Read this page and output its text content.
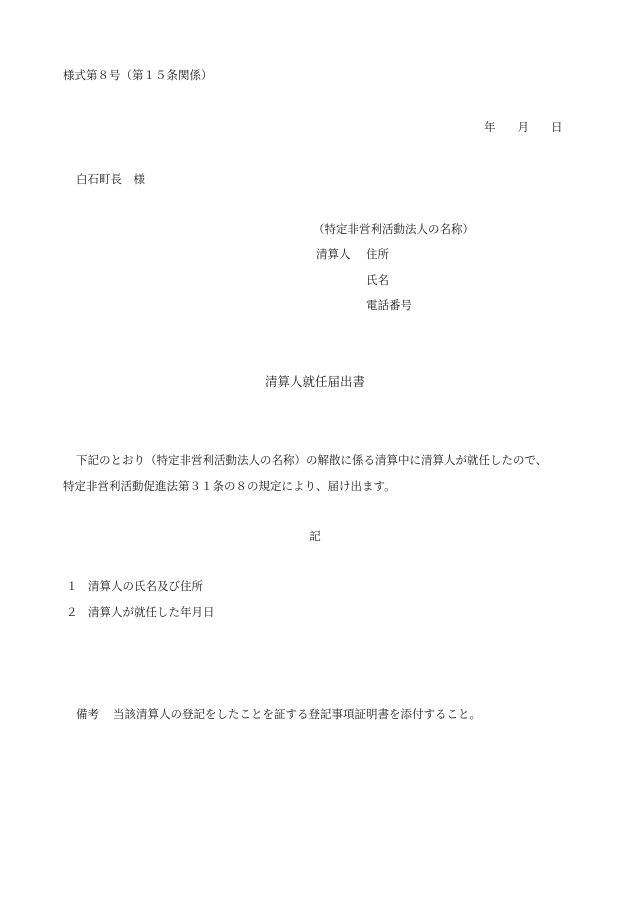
様式第８号（第１５条関係）
年 月 日
白石町長　様
（特定非営利活動法人の名称）
清算人 住所
氏名
電話番号
清算人就任届出書
下記のとおり（特定非営利活動法人の名称）の解散に係る清算中に清算人が就任したので、
特定非営利活動促進法第３１条の８の規定により、届け出ます。
記
１ 清算人の氏名及び住所
２ 清算人が就任した年月日
備考 当該清算人の登記をしたことを証する登記事項証明書を添付すること。
